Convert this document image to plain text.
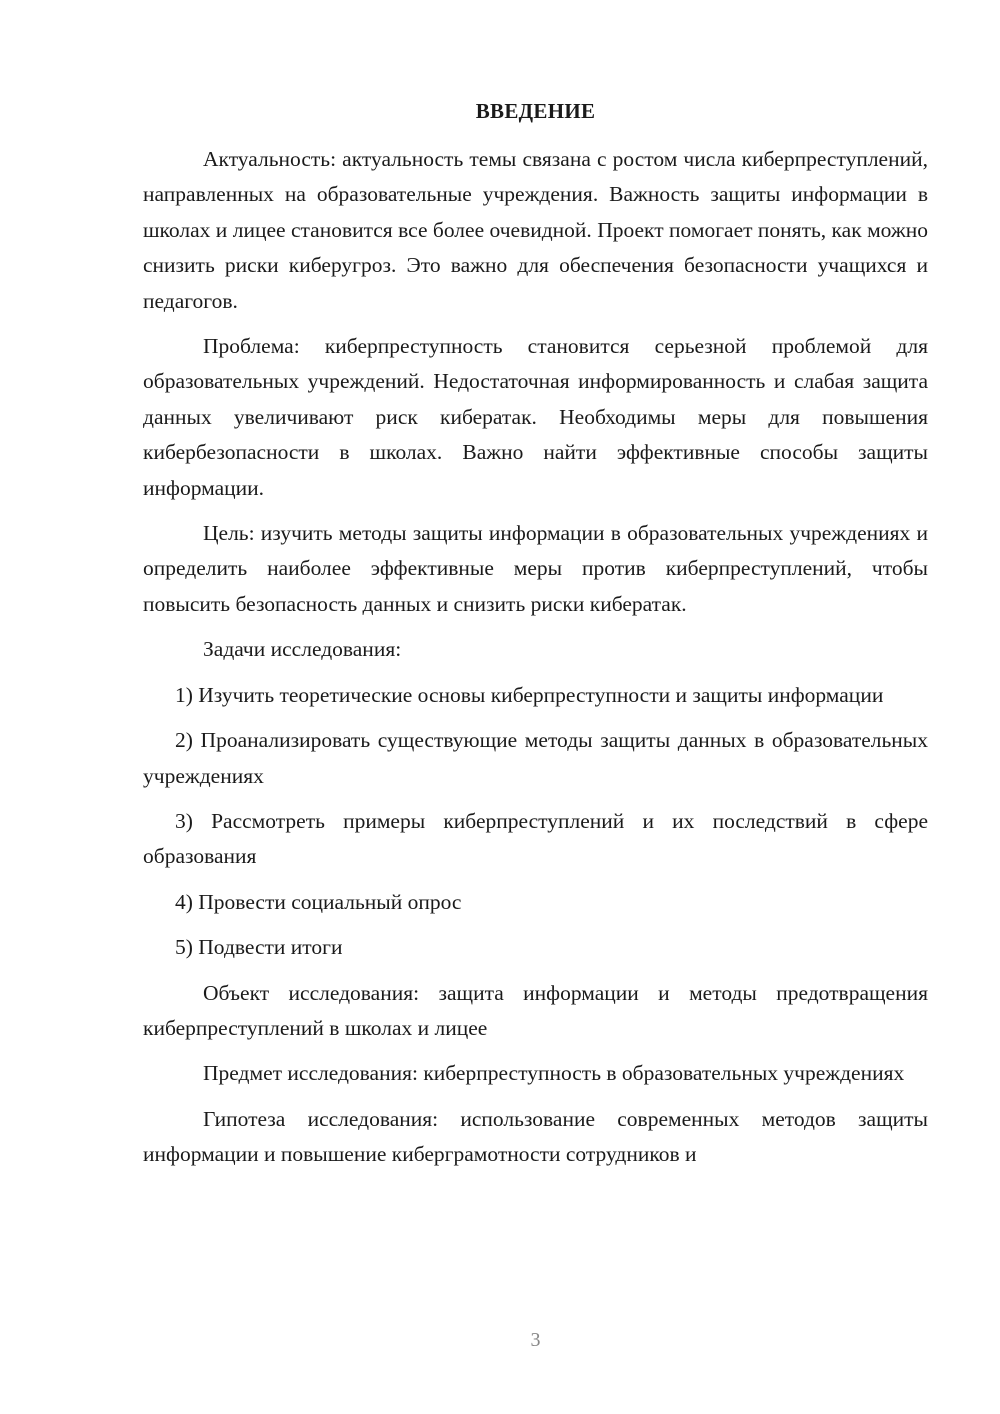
ВВЕДЕНИЕ

Актуальность: актуальность темы связана с ростом числа киберпреступлений, направленных на образовательные учреждения. Важность защиты информации в школах и лицее становится все более очевидной. Проект помогает понять, как можно снизить риски киберугроз. Это важно для обеспечения безопасности учащихся и педагогов.

Проблема: киберпреступность становится серьезной проблемой для образовательных учреждений. Недостаточная информированность и слабая защита данных увеличивают риск кибератак. Необходимы меры для повышения кибербезопасности в школах. Важно найти эффективные способы защиты информации.

Цель: изучить методы защиты информации в образовательных учреждениях и определить наиболее эффективные меры против киберпреступлений, чтобы повысить безопасность данных и снизить риски кибератак.

Задачи исследования:

1) Изучить теоретические основы киберпреступности и защиты информации

2) Проанализировать существующие методы защиты данных в образовательных учреждениях

3) Рассмотреть примеры киберпреступлений и их последствий в сфере образования

4) Провести социальный опрос

5) Подвести итоги

Объект исследования: защита информации и методы предотвращения киберпреступлений в школах и лицее

Предмет исследования: киберпреступность в образовательных учреждениях

Гипотеза исследования: использование современных методов защиты информации и повышение киберграмотности сотрудников и

3
